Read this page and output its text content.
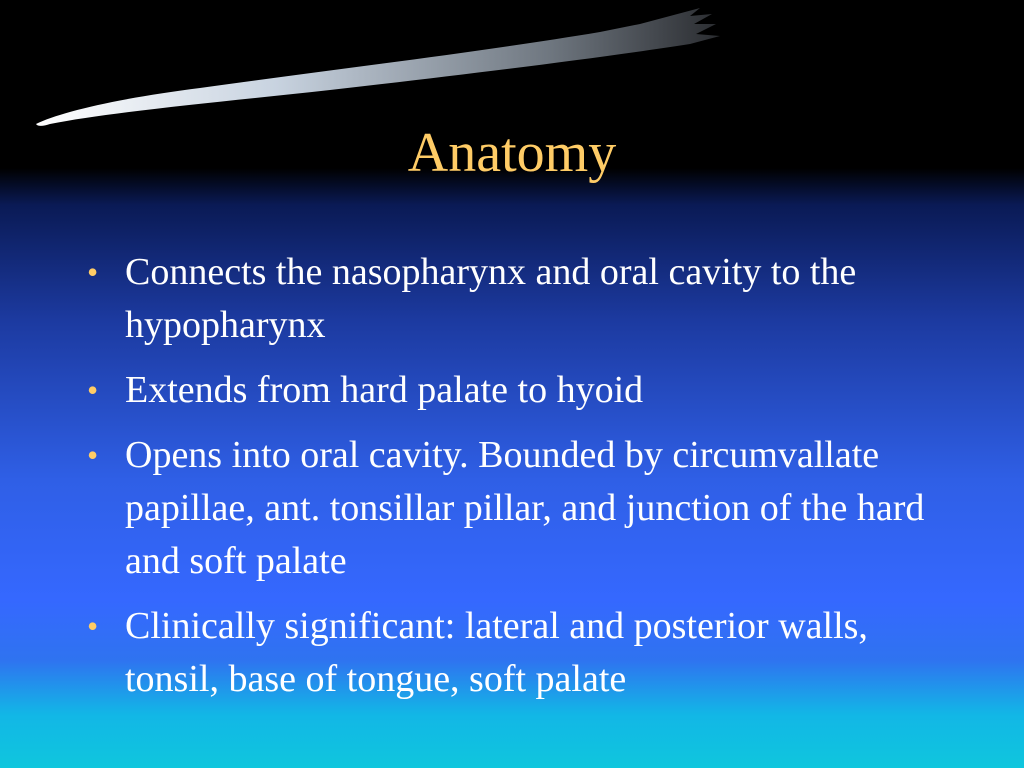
Anatomy
• Connects the nasopharynx and oral cavity to the hypopharynx
• Extends from hard palate to hyoid
• Opens into oral cavity. Bounded by circumvallate papillae, ant. tonsillar pillar, and junction of the hard and soft palate
• Clinically significant: lateral and posterior walls, tonsil, base of tongue, soft palate
